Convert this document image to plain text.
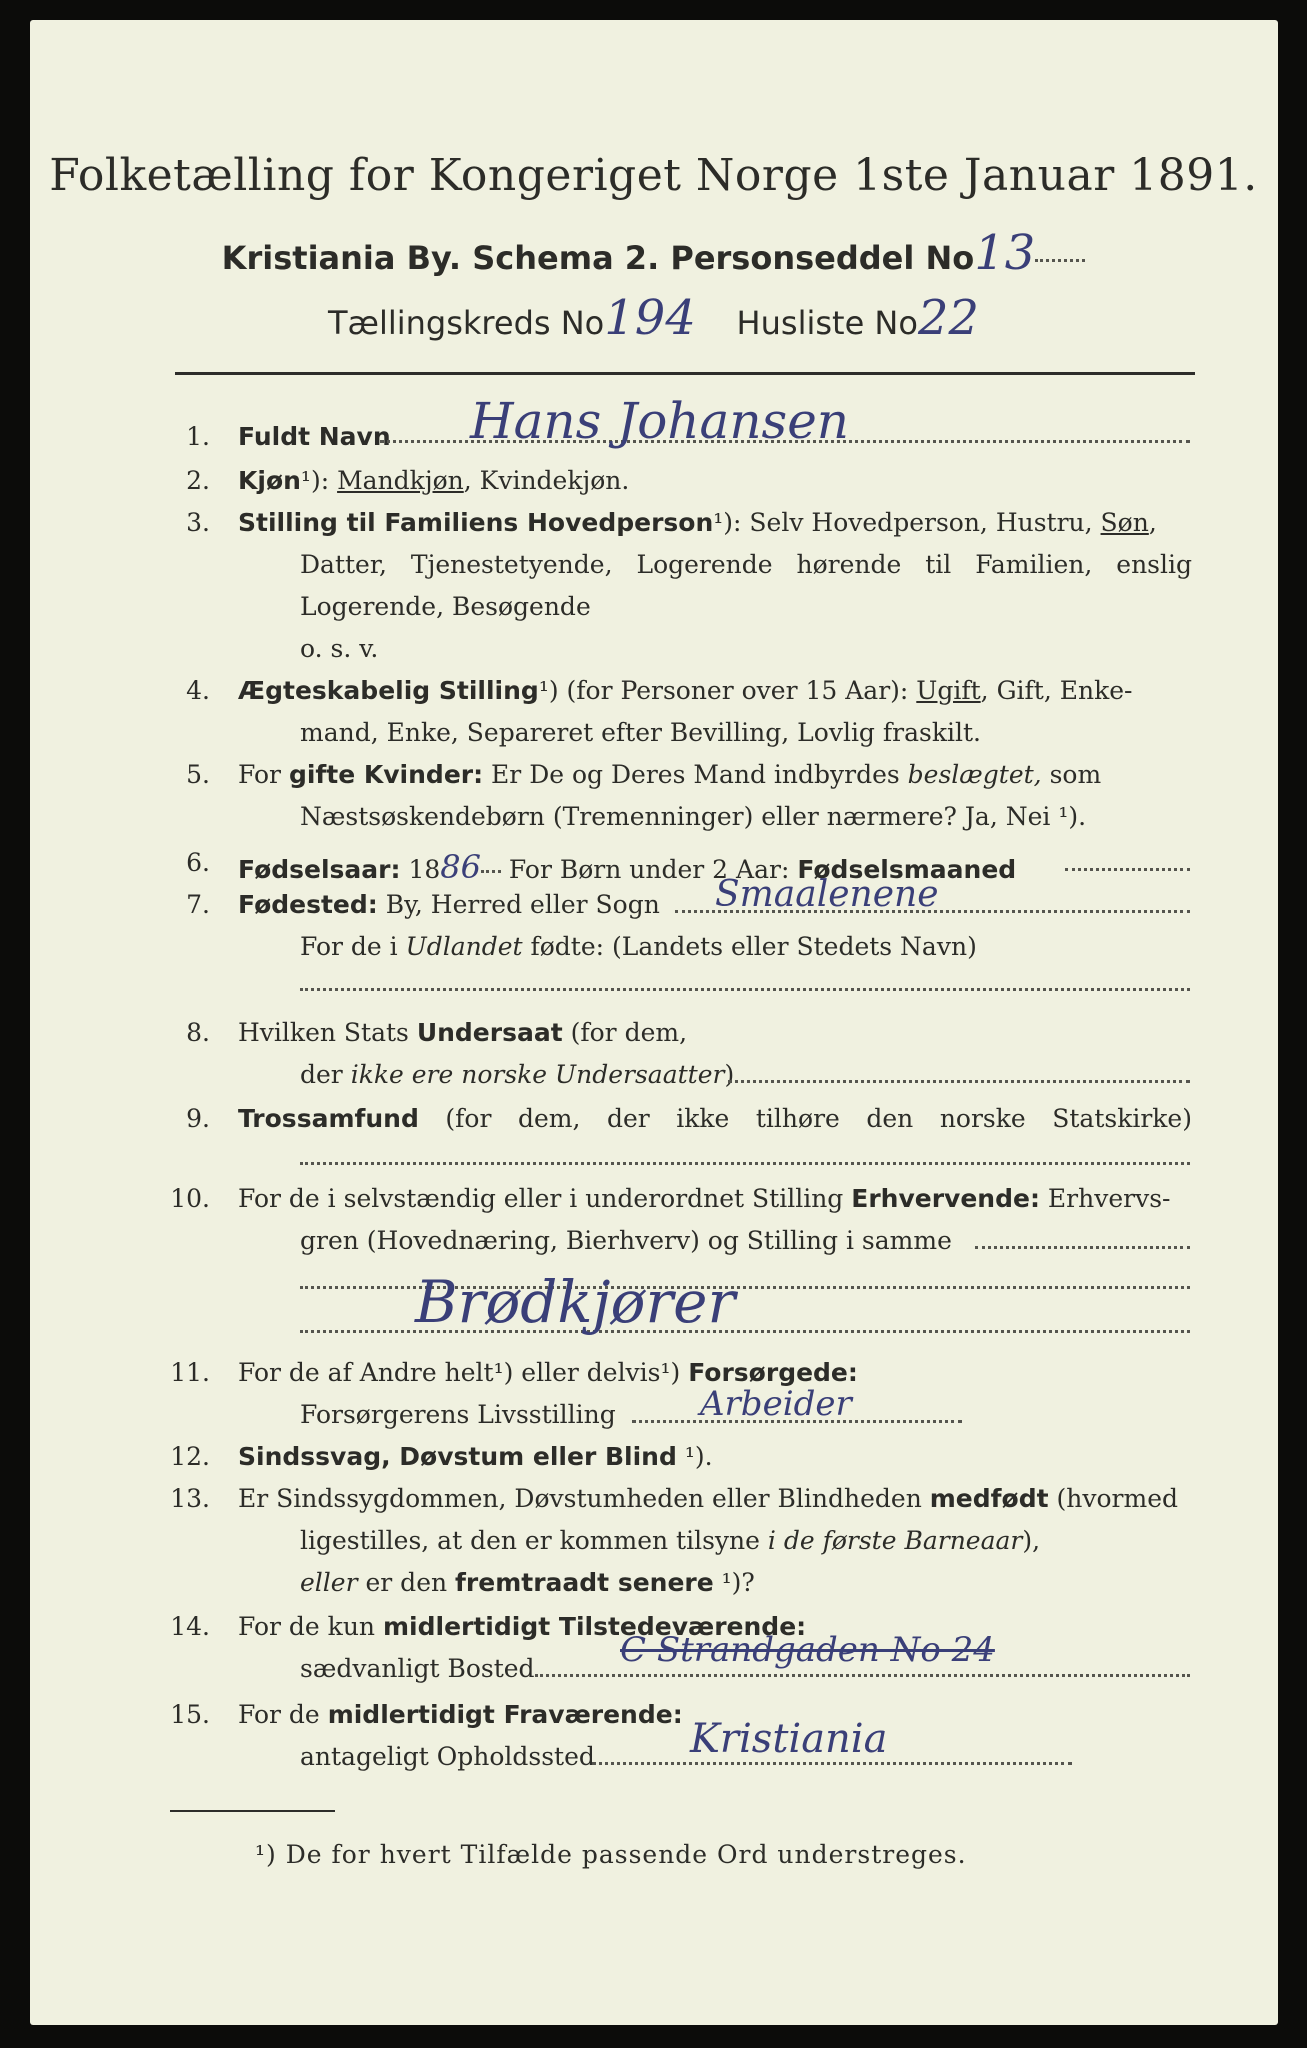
Folketælling for Kongeriget Norge 1ste Januar 1891.
Kristiania By. Schema 2. Personseddel No13
Tællingskreds No194 Husliste No22
1. Fuldt Navn Hans Johansen
2. Kjøn¹): Mandkjøn, Kvindekjøn.
3. Stilling til Familiens Hovedperson¹): Selv Hovedperson, Hustru, Søn,
Datter, Tjenestetyende, Logerende hørende til Familien, enslig
Logerende, Besøgende
o. s. v.
4. Ægteskabelig Stilling¹) (for Personer over 15 Aar): Ugift, Gift, Enke-
mand, Enke, Separeret efter Bevilling, Lovlig fraskilt.
5. For gifte Kvinder: Er De og Deres Mand indbyrdes beslægtet, som
Næstsøskendebørn (Tremenninger) eller nærmere? Ja, Nei ¹).
6. Fødselsaar: 1886 For Børn under 2 Aar: Fødselsmaaned
7. Fødested: By, Herred eller Sogn Smaalenene
For de i Udlandet fødte: (Landets eller Stedets Navn)
8. Hvilken Stats Undersaat (for dem,
der ikke ere norske Undersaatter)
9. Trossamfund (for dem, der ikke tilhøre den norske Statskirke)
10. For de i selvstændig eller i underordnet Stilling Erhvervende: Erhvervs-
gren (Hovednæring, Bierhverv) og Stilling i samme
Brødkjører
11. For de af Andre helt¹) eller delvis¹) Forsørgede:
Forsørgerens Livsstilling Arbeider
12. Sindssvag, Døvstum eller Blind ¹).
13. Er Sindssygdommen, Døvstumheden eller Blindheden medfødt (hvormed
ligestilles, at den er kommen tilsyne i de første Barneaar),
eller er den fremtraadt senere ¹)?
14. For de kun midlertidigt Tilstedeværende:
sædvanligt Bosted	C Strandgaden No 24
15. For de midlertidigt Fraværende:
antageligt Opholdssted Kristiania
¹) De for hvert Tilfælde passende Ord understreges.
